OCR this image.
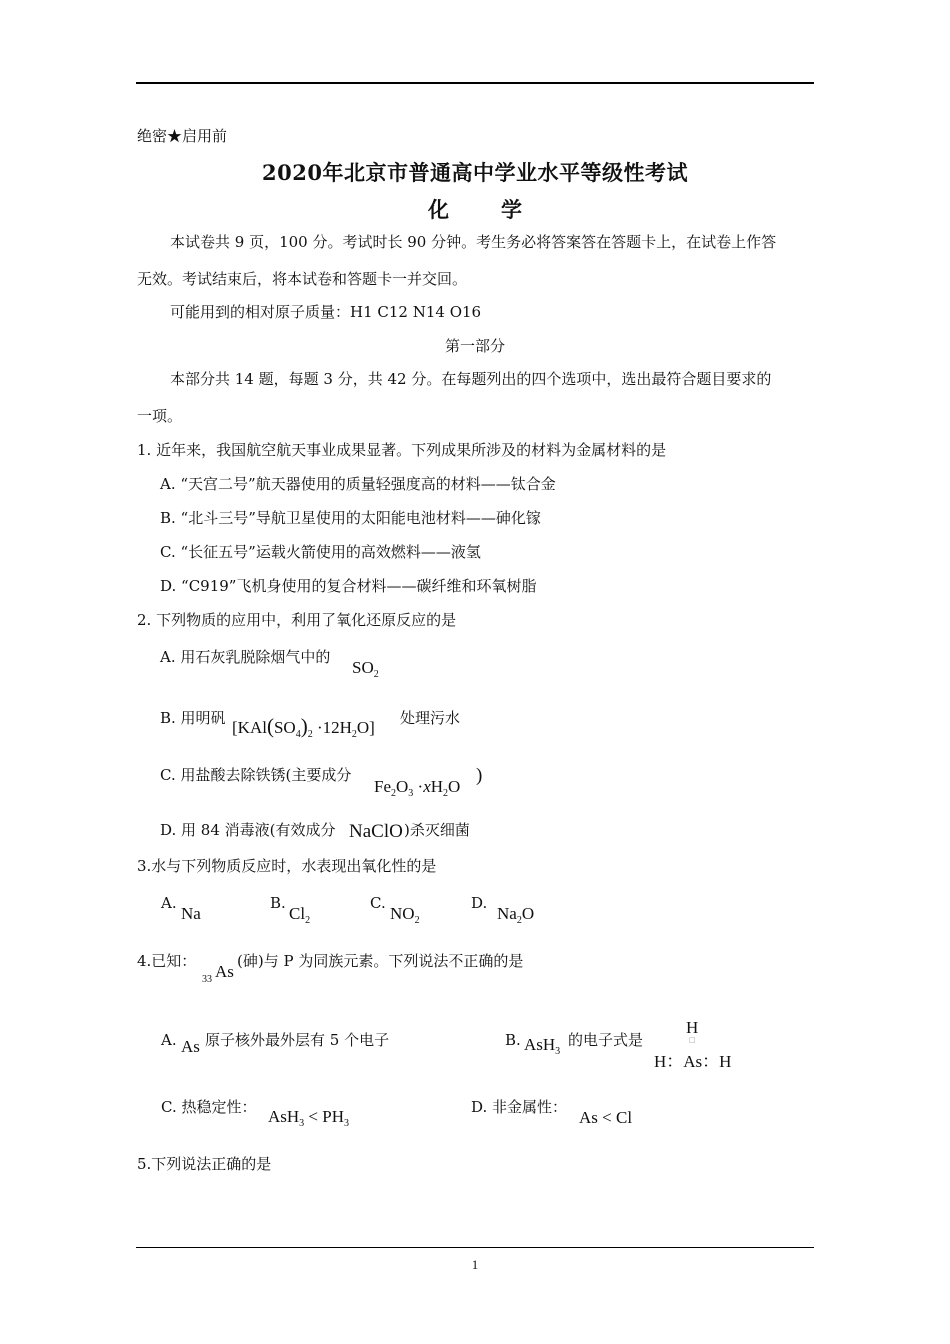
绝密★启用前
2020年北京市普通高中学业水平等级性考试
化 学
本试卷共 9 页，100 分。考试时长 90 分钟。考生务必将答案答在答题卡上，在试卷上作答
无效。考试结束后，将本试卷和答题卡一并交回。
可能用到的相对原子质量：H1 C12 N14 O16
第一部分
本部分共 14 题，每题 3 分，共 42 分。在每题列出的四个选项中，选出最符合题目要求的
一项。
1. 近年来，我国航空航天事业成果显著。下列成果所涉及的材料为金属材料的是
A. “天宫二号”航天器使用的质量轻强度高的材料——钛合金
B. “北斗三号”导航卫星使用的太阳能电池材料——砷化镓
C. “长征五号”运载火箭使用的高效燃料——液氢
D. “C919”飞机身使用的复合材料——碳纤维和环氧树脂
2. 下列物质的应用中，利用了氧化还原反应的是
A. 用石灰乳脱除烟气中的
$SO_2$
B. 用明矾 $[KAl(SO_4)_2 \cdot 12H_2O]$ 处理污水
C. 用盐酸去除铁锈(主要成分
$Fe_2O_3 \cdot xH_2O$
)
D. 用 84 消毒液(有效成分 NaClO )杀灭细菌
3.水与下列物质反应时，水表现出氧化性的是
A.
Na
B.
$Cl_2$
C.
$NO_2$
D.
$Na_2O$
4.已知：
33 As
(砷)与 P 为同族元素。下列说法不正确的是
A. As 原子核外最外层有 5 个电子	B. AsH$_3$
的电子式是
H
□
H：As：H
C. 热稳定性： $AsH_3 < PH_3$
D. 非金属性：
As < Cl
5.下列说法正确的是
1
